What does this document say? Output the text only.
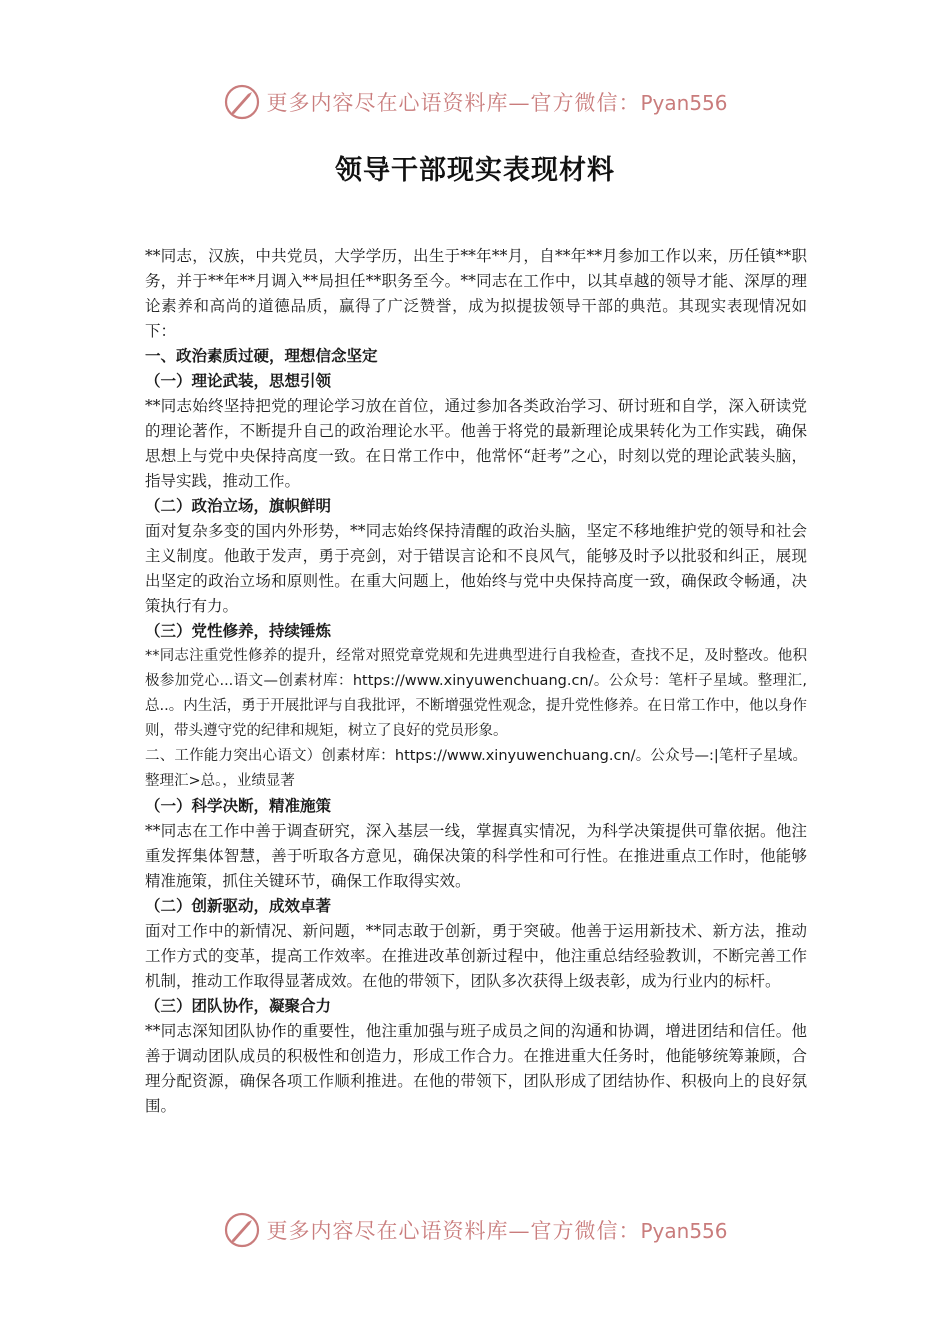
更多内容尽在心语资料库—官方微信：Pyan556
领导干部现实表现材料

**同志，汉族，中共党员，大学学历，出生于**年**月，自**年**月参加工作以来，历任镇**职务，并于**年**月调入**局担任**职务至今。**同志在工作中，以其卓越的领导才能、深厚的理论素养和高尚的道德品质，赢得了广泛赞誉，成为拟提拔领导干部的典范。其现实表现情况如下：

一、政治素质过硬，理想信念坚定

（一）理论武装，思想引领

**同志始终坚持把党的理论学习放在首位，通过参加各类政治学习、研讨班和自学，深入研读党的理论著作，不断提升自己的政治理论水平。他善于将党的最新理论成果转化为工作实践，确保思想上与党中央保持高度一致。在日常工作中，他常怀“赶考”之心，时刻以党的理论武装头脑，指导实践，推动工作。

（二）政治立场，旗帜鲜明

面对复杂多变的国内外形势，**同志始终保持清醒的政治头脑，坚定不移地维护党的领导和社会主义制度。他敢于发声，勇于亮剑，对于错误言论和不良风气，能够及时予以批驳和纠正，展现出坚定的政治立场和原则性。在重大问题上，他始终与党中央保持高度一致，确保政令畅通，决策执行有力。

（三）党性修养，持续锤炼

**同志注重党性修养的提升，经常对照党章党规和先进典型进行自我检查，查找不足，及时整改。他积极参加党心...语文—创素材库：https://www.xinyuwenchuang.cn/。公众号：笔杆子星域。整理汇,总..。内生活，勇于开展批评与自我批评，不断增强党性观念，提升党性修养。在日常工作中，他以身作则，带头遵守党的纪律和规矩，树立了良好的党员形象。

二、工作能力突出心语文）创素材库：https://www.xinyuwenchuang.cn/。公众号—:|笔杆子星域。整理汇>总。，业绩显著

（一）科学决断，精准施策

**同志在工作中善于调查研究，深入基层一线，掌握真实情况，为科学决策提供可靠依据。他注重发挥集体智慧，善于听取各方意见，确保决策的科学性和可行性。在推进重点工作时，他能够精准施策，抓住关键环节，确保工作取得实效。

（二）创新驱动，成效卓著

面对工作中的新情况、新问题，**同志敢于创新，勇于突破。他善于运用新技术、新方法，推动工作方式的变革，提高工作效率。在推进改革创新过程中，他注重总结经验教训，不断完善工作机制，推动工作取得显著成效。在他的带领下，团队多次获得上级表彰，成为行业内的标杆。

（三）团队协作，凝聚合力

**同志深知团队协作的重要性，他注重加强与班子成员之间的沟通和协调，增进团结和信任。他善于调动团队成员的积极性和创造力，形成工作合力。在推进重大任务时，他能够统筹兼顾，合理分配资源，确保各项工作顺利推进。在他的带领下，团队形成了团结协作、积极向上的良好氛围。

更多内容尽在心语资料库—官方微信：Pyan556
